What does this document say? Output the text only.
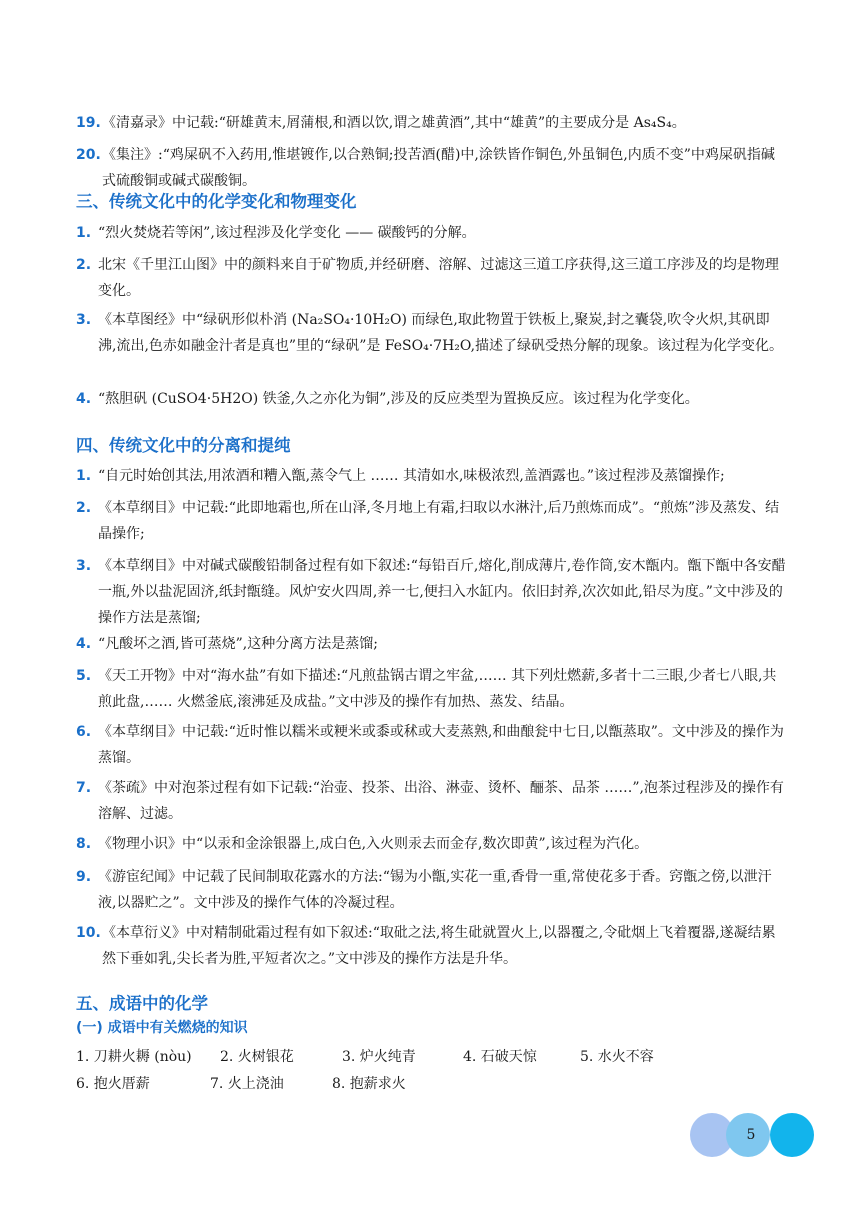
19. 《清嘉录》中记载:“研雄黄末,屑蒲根,和酒以饮,谓之雄黄酒”,其中“雄黄”的主要成分是 As₄S₄。
20. 《集注》:“鸡屎矾不入药用,惟堪镀作,以合熟铜;投苦酒(醋)中,涂铁皆作铜色,外虽铜色,内质不变”中鸡屎矾指碱式硫酸铜或碱式碳酸铜。
三、传统文化中的化学变化和物理变化
1. “烈火焚烧若等闲”,该过程涉及化学变化 —— 碳酸钙的分解。
2. 北宋《千里江山图》中的颜料来自于矿物质,并经研磨、溶解、过滤这三道工序获得,这三道工序涉及的均是物理变化。
3. 《本草图经》中“绿矾形似朴消 (Na₂SO₄·10H₂O) 而绿色,取此物置于铁板上,聚炭,封之囊袋,吹令火炽,其矾即沸,流出,色赤如融金汁者是真也”里的“绿矾”是 FeSO₄·7H₂O,描述了绿矾受热分解的现象。该过程为化学变化。
4. “熬胆矾 (CuSO4·5H2O) 铁釜,久之亦化为铜”,涉及的反应类型为置换反应。该过程为化学变化。
四、传统文化中的分离和提纯
1. “自元时始创其法,用浓酒和糟入甑,蒸令气上 …… 其清如水,味极浓烈,盖酒露也。”该过程涉及蒸馏操作;
2. 《本草纲目》中记载:“此即地霜也,所在山泽,冬月地上有霜,扫取以水淋汁,后乃煎炼而成”。“煎炼”涉及蒸发、结晶操作;
3. 《本草纲目》中对碱式碳酸铅制备过程有如下叙述:“每铅百斤,熔化,削成薄片,卷作筒,安木甑内。甑下甑中各安醋一瓶,外以盐泥固济,纸封甑缝。风炉安火四周,养一七,便扫入水缸内。依旧封养,次次如此,铅尽为度。”文中涉及的操作方法是蒸馏;
4. “凡酸坏之酒,皆可蒸烧”,这种分离方法是蒸馏;
5. 《天工开物》中对“海水盐”有如下描述:“凡煎盐锅古谓之牢盆,…… 其下列灶燃薪,多者十二三眼,少者七八眼,共煎此盘,…… 火燃釜底,滚沸延及成盐。”文中涉及的操作有加热、蒸发、结晶。
6. 《本草纲目》中记载:“近时惟以糯米或粳米或黍或秫或大麦蒸熟,和曲酿瓮中七日,以甑蒸取”。文中涉及的操作为蒸馏。
7. 《茶疏》中对泡茶过程有如下记载:“治壶、投茶、出浴、淋壶、烫杯、酾茶、品茶 ……”,泡茶过程涉及的操作有溶解、过滤。
8. 《物理小识》中“以汞和金涂银器上,成白色,入火则汞去而金存,数次即黄”,该过程为汽化。
9. 《游宦纪闻》中记载了民间制取花露水的方法:“锡为小甑,实花一重,香骨一重,常使花多于香。窍甑之傍,以泄汗液,以器贮之”。文中涉及的操作气体的冷凝过程。
10. 《本草衍义》中对精制砒霜过程有如下叙述:“取砒之法,将生砒就置火上,以器覆之,令砒烟上飞着覆器,遂凝结累然下垂如乳,尖长者为胜,平短者次之。”文中涉及的操作方法是升华。
五、成语中的化学
(一) 成语中有关燃烧的知识
1. 刀耕火耨 (nòu) 2. 火树银花	3. 炉火纯青	4. 石破天惊	5. 水火不容
6. 抱火厝薪	7. 火上浇油	8. 抱薪求火
5
